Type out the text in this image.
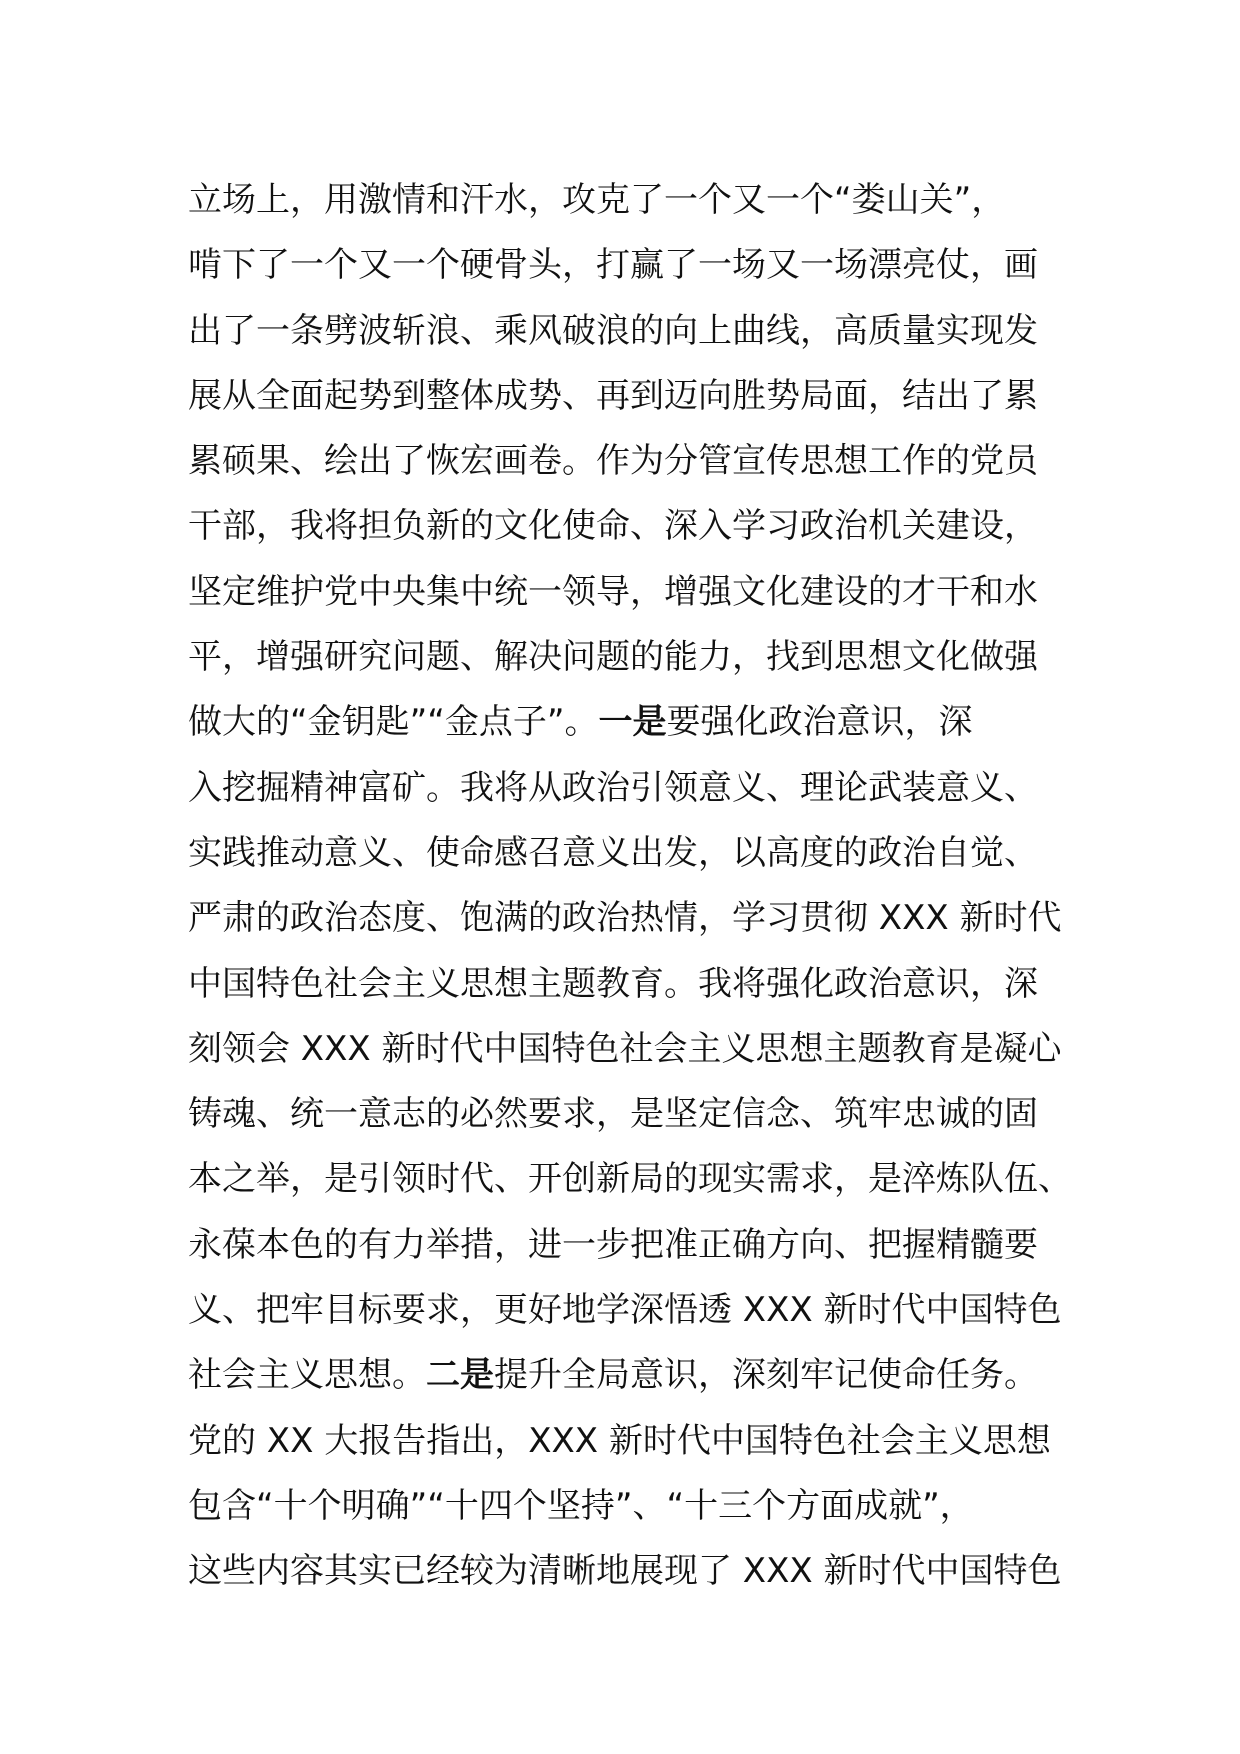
立场上，用激情和汗水，攻克了一个又一个“娄山关”，
啃下了一个又一个硬骨头，打赢了一场又一场漂亮仗，画
出了一条劈波斩浪、乘风破浪的向上曲线，高质量实现发
展从全面起势到整体成势、再到迈向胜势局面，结出了累
累硕果、绘出了恢宏画卷。作为分管宣传思想工作的党员
干部，我将担负新的文化使命、深入学习政治机关建设，
坚定维护党中央集中统一领导，增强文化建设的才干和水
平，增强研究问题、解决问题的能力，找到思想文化做强
做大的“金钥匙”“金点子”。一是要强化政治意识，深
入挖掘精神富矿。我将从政治引领意义、理论武装意义、
实践推动意义、使命感召意义出发，以高度的政治自觉、
严肃的政治态度、饱满的政治热情，学习贯彻 XXX 新时代
中国特色社会主义思想主题教育。我将强化政治意识，深
刻领会 XXX 新时代中国特色社会主义思想主题教育是凝心
铸魂、统一意志的必然要求，是坚定信念、筑牢忠诚的固
本之举，是引领时代、开创新局的现实需求，是淬炼队伍、
永葆本色的有力举措，进一步把准正确方向、把握精髓要
义、把牢目标要求，更好地学深悟透 XXX 新时代中国特色
社会主义思想。二是提升全局意识，深刻牢记使命任务。
党的 XX 大报告指出，XXX 新时代中国特色社会主义思想
包含“十个明确”“十四个坚持”、“十三个方面成就”，
这些内容其实已经较为清晰地展现了 XXX 新时代中国特色
